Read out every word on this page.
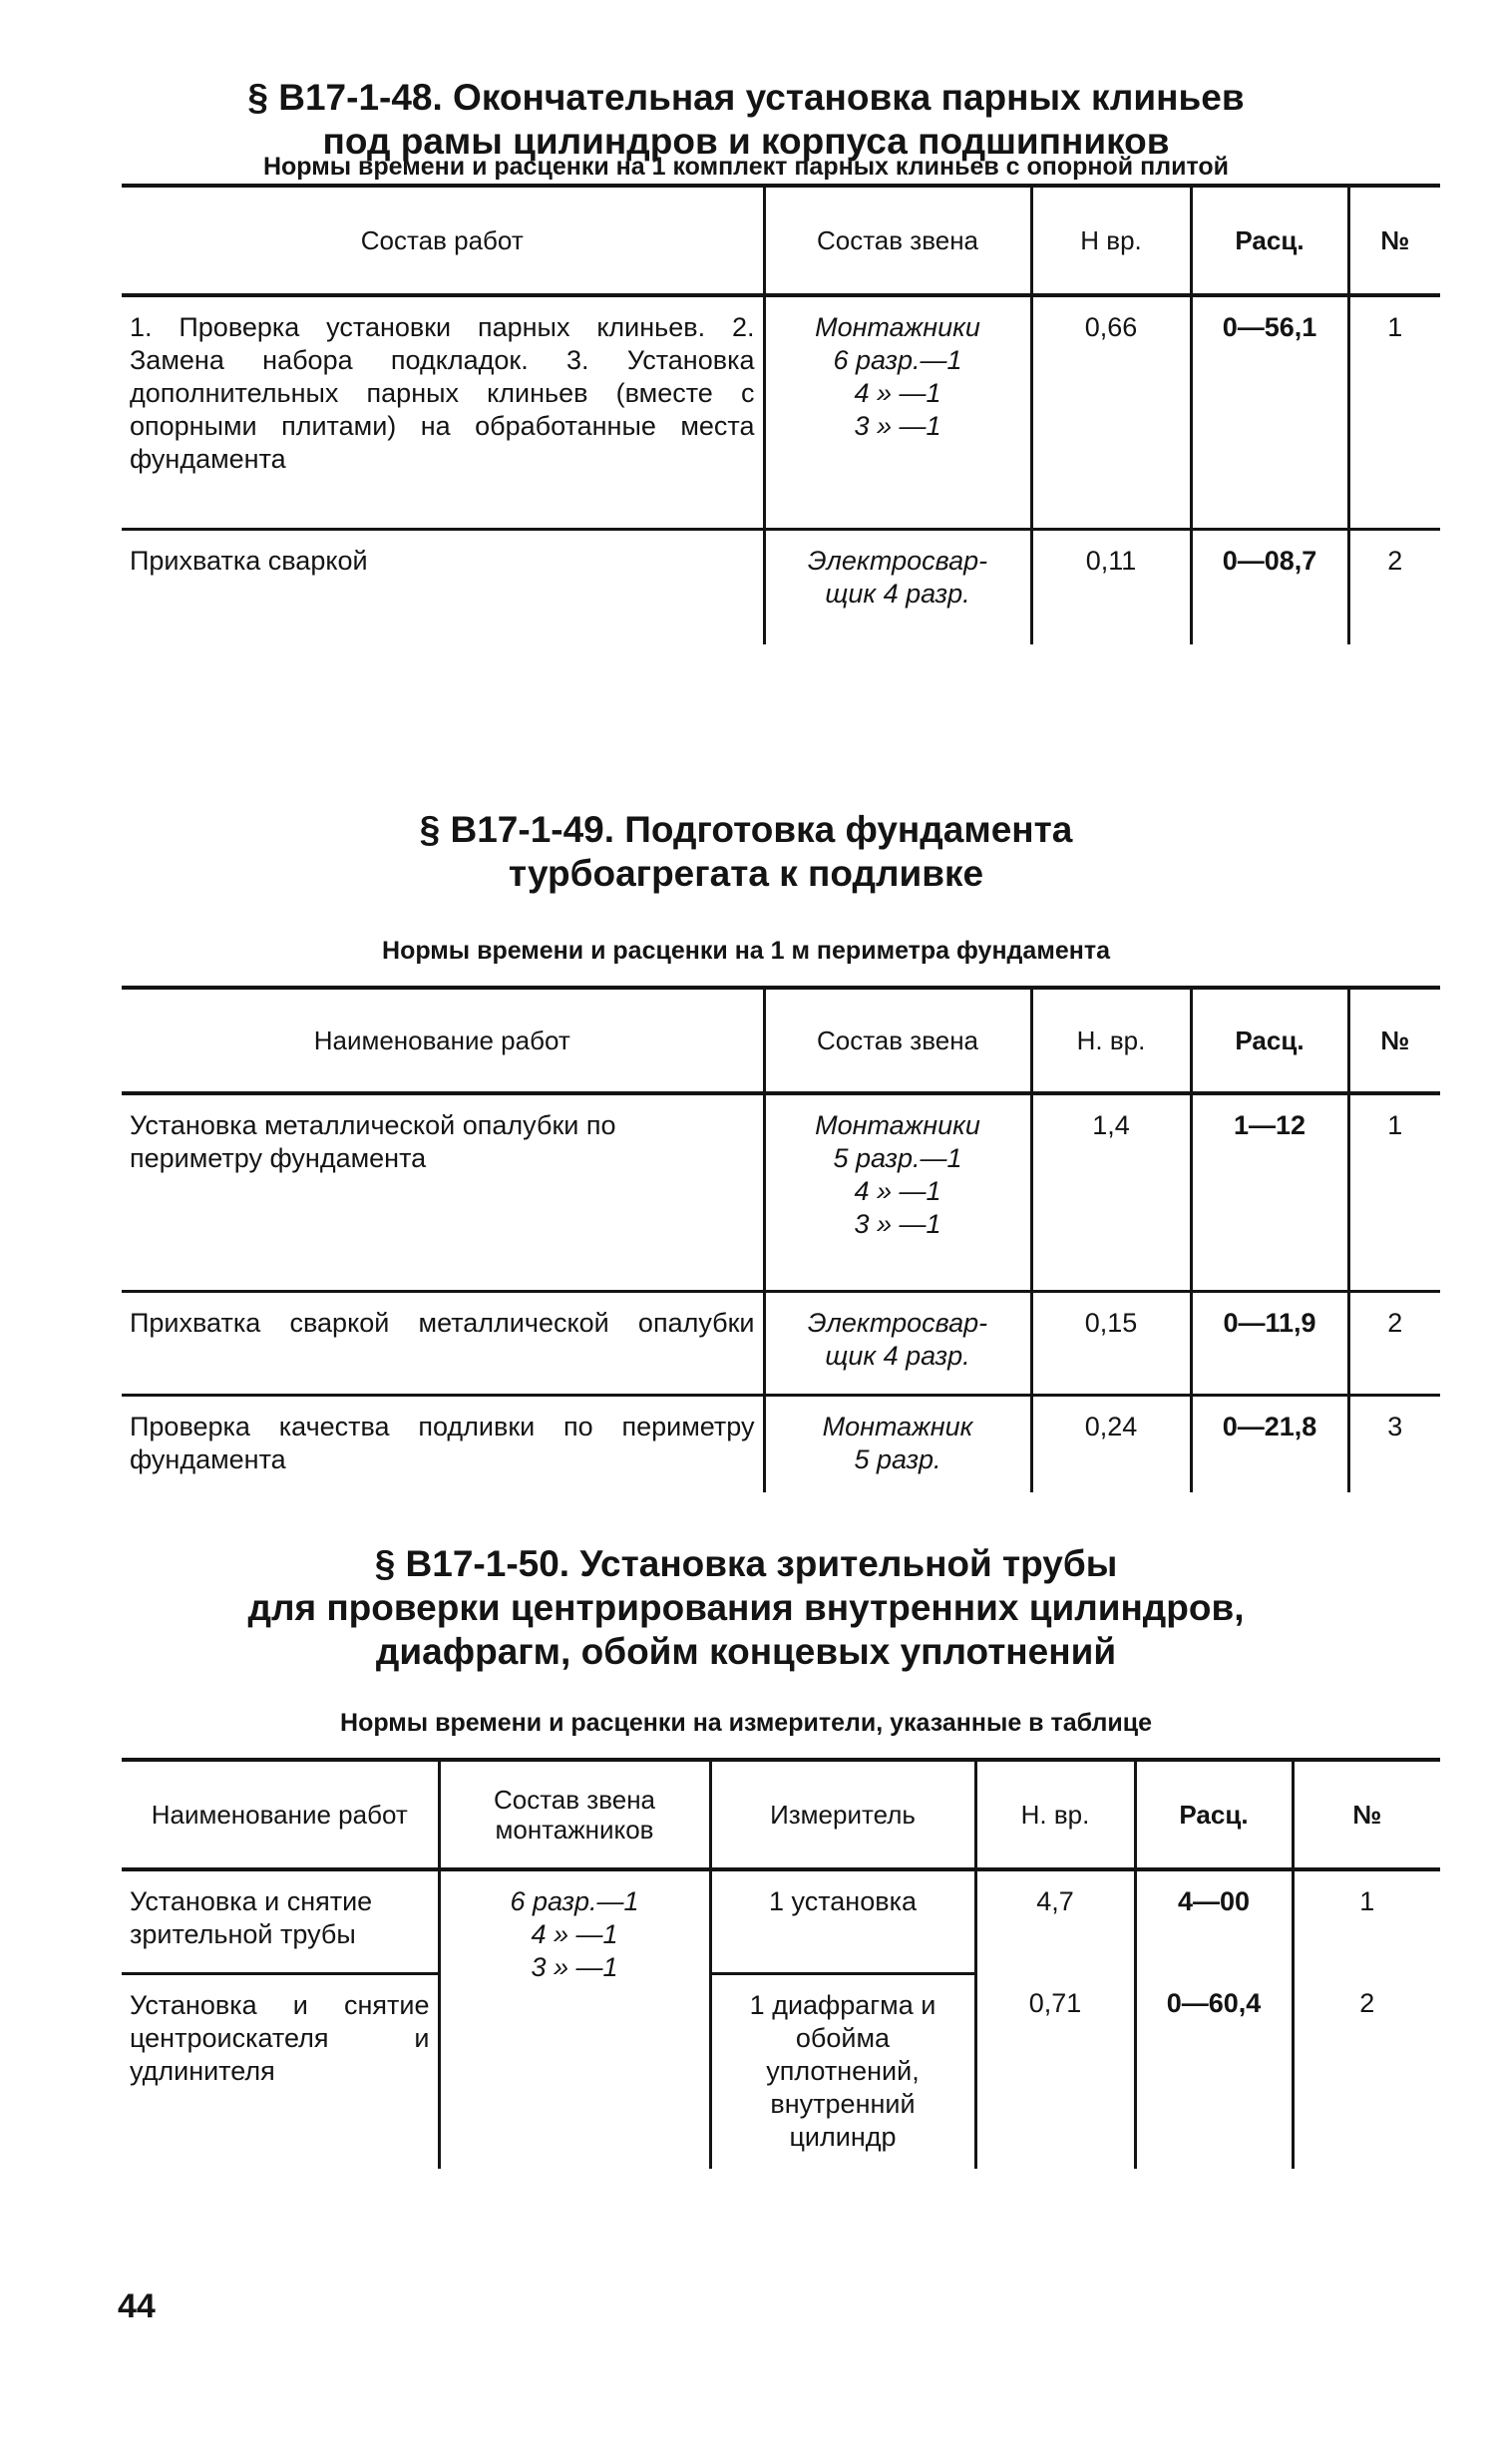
§ В17-1-48. Окончательная установка парных клиньев
под рамы цилиндров и корпуса подшипников
Нормы времени и расценки на 1 комплект парных клиньев с опорной плитой
Состав работ	Состав звена	Н вр.	Расц.	№
1. Проверка установки парных клиньев. 2. Замена набора подкладок. 3. Установка дополнительных парных клиньев (вместе с опорными плитами) на обработанные места фундамента	Монтажники
6 разр.—1
4 » —1
3 » —1	0,66	0—56,1	1
Прихватка сваркой	Электросвар-
щик 4 разр.	0,11	0—08,7	2
§ В17-1-49. Подготовка фундамента
турбоагрегата к подливке
Нормы времени и расценки на 1 м периметра фундамента
Наименование работ	Состав звена	Н. вр.	Расц.	№
Установка металлической опалубки по периметру фундамента	Монтажники
5 разр.—1
4 » —1
3 » —1	1,4	1—12	1
Прихватка сваркой металлической опалубки	Электросвар-
щик 4 разр.	0,15	0—11,9	2
Проверка качества подливки по периметру фундамента	Монтажник
5 разр.	0,24	0—21,8	3
§ В17-1-50. Установка зрительной трубы
для проверки центрирования внутренних цилиндров,
диафрагм, обойм концевых уплотнений
Нормы времени и расценки на измерители, указанные в таблице
Наименование работ	Состав звена монтажников	Измеритель	Н. вр.	Расц.	№
Установка и снятие зрительной трубы	6 разр.—1
4 » —1
3 » —1	1 установка	4,7	4—00	1
Установка и снятие центроискателя и удлинителя		1 диафрагма и обойма уплотнений, внутренний цилиндр	0,71	0—60,4	2
44
